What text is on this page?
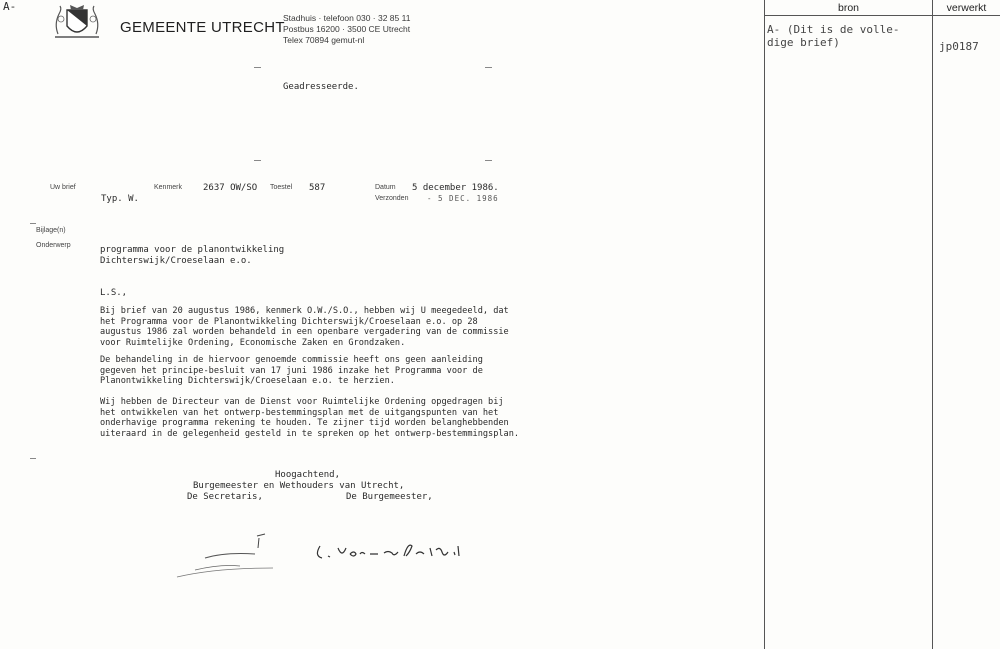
A-
GEMEENTE UTRECHT
Stadhuis · telefoon 030 · 32 85 11
Postbus 16200 · 3500 CE Utrecht
Telex 70894 gemut-nl
Geadresseerde.
Uw brief	Kenmerk 2637 OW/SO Toestel 587	Datum 5 december 1986.
Verzonden - 5 DEC. 1986
Typ. W.
Bijlage(n)
Onderwerp	programma voor de planontwikkeling
Dichterswijk/Croeselaan e.o.
L.S.,
Bij brief van 20 augustus 1986, kenmerk O.W./S.O., hebben wij U meegedeeld, dat
het Programma voor de Planontwikkeling Dichterswijk/Croeselaan e.o. op 28
augustus 1986 zal worden behandeld in een openbare vergadering van de commissie
voor Ruimtelijke Ordening, Economische Zaken en Grondzaken.
De behandeling in de hiervoor genoemde commissie heeft ons geen aanleiding
gegeven het principe-besluit van 17 juni 1986 inzake het Programma voor de
Planontwikkeling Dichterswijk/Croeselaan e.o. te herzien.
Wij hebben de Directeur van de Dienst voor Ruimtelijke Ordening opgedragen bij
het ontwikkelen van het ontwerp-bestemmingsplan met de uitgangspunten van het
onderhavige programma rekening te houden. Te zijner tijd worden belanghebbenden
uiteraard in de gelegenheid gesteld in te spreken op het ontwerp-bestemmingsplan.
Hoogachtend,
Burgemeester en Wethouders van Utrecht,
De Secretaris,	De Burgemeester,
bron	verwerkt
A- (Dit is de volle-
dige brief)	jp0187
